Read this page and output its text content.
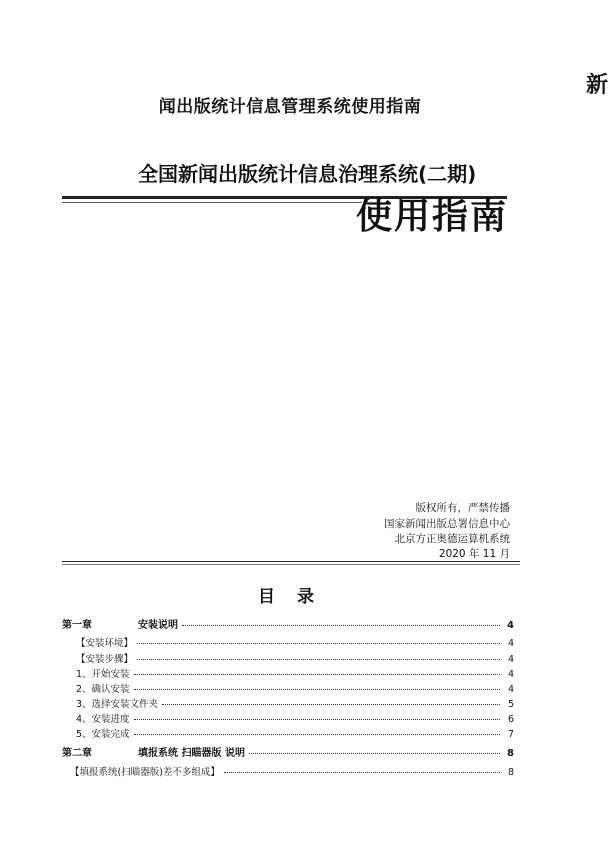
新
闻出版统计信息管理系统使用指南
全国新闻出版统计信息治理系统(二期)
使用指南
版权所有，严禁传播
国家新闻出版总署信息中心
北京方正奥德运算机系统
2020 年 11 月
目 录
第一章	安装说明	4
【安装环境】	4
【安装步骤】	4
1、开始安装	4
2、确认安装	4
3、选择安装文件夹	5
4、安装进度	6
5、安装完成	7
第二章	填报系统 扫瞄器版 说明	8
【填报系统(扫瞄器版)差不多组成】	8
